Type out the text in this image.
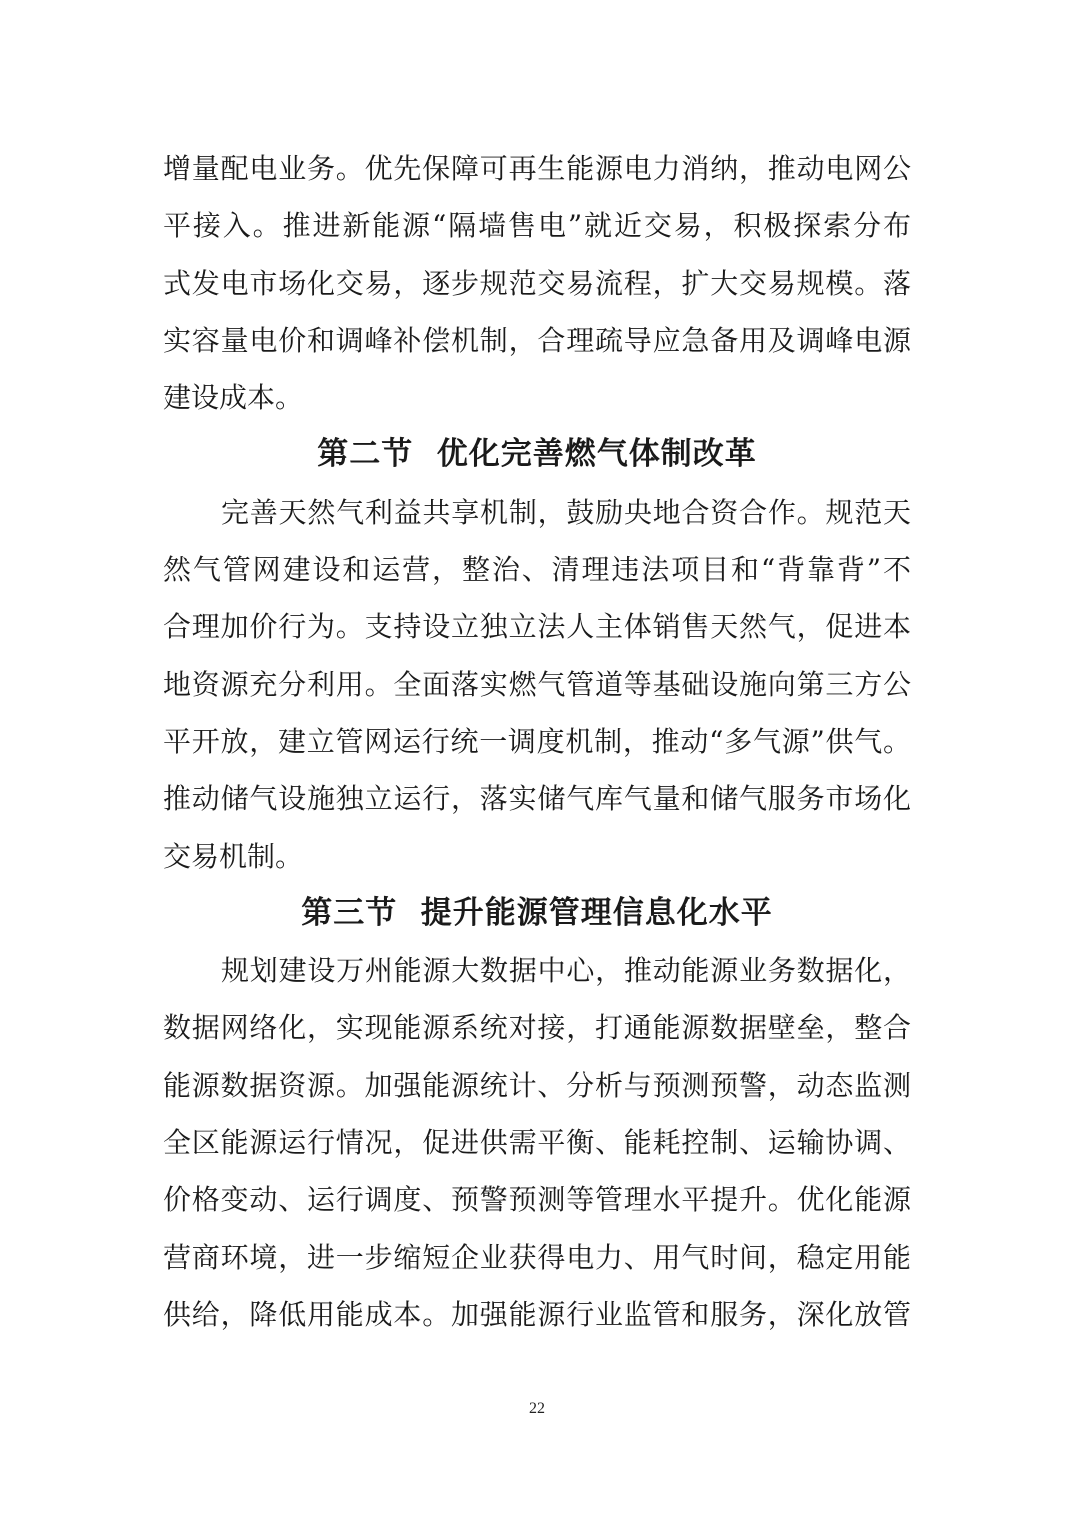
增量配电业务。优先保障可再生能源电力消纳，推动电网公
平接入。推进新能源“隔墙售电”就近交易，积极探索分布
式发电市场化交易，逐步规范交易流程，扩大交易规模。落
实容量电价和调峰补偿机制，合理疏导应急备用及调峰电源
建设成本。
第二节  优化完善燃气体制改革
完善天然气利益共享机制，鼓励央地合资合作。规范天
然气管网建设和运营，整治、清理违法项目和“背靠背”不
合理加价行为。支持设立独立法人主体销售天然气，促进本
地资源充分利用。全面落实燃气管道等基础设施向第三方公
平开放，建立管网运行统一调度机制，推动“多气源”供气。
推动储气设施独立运行，落实储气库气量和储气服务市场化
交易机制。
第三节  提升能源管理信息化水平
规划建设万州能源大数据中心，推动能源业务数据化，
数据网络化，实现能源系统对接，打通能源数据壁垒，整合
能源数据资源。加强能源统计、分析与预测预警，动态监测
全区能源运行情况，促进供需平衡、能耗控制、运输协调、
价格变动、运行调度、预警预测等管理水平提升。优化能源
营商环境，进一步缩短企业获得电力、用气时间，稳定用能
供给，降低用能成本。加强能源行业监管和服务，深化放管
22
